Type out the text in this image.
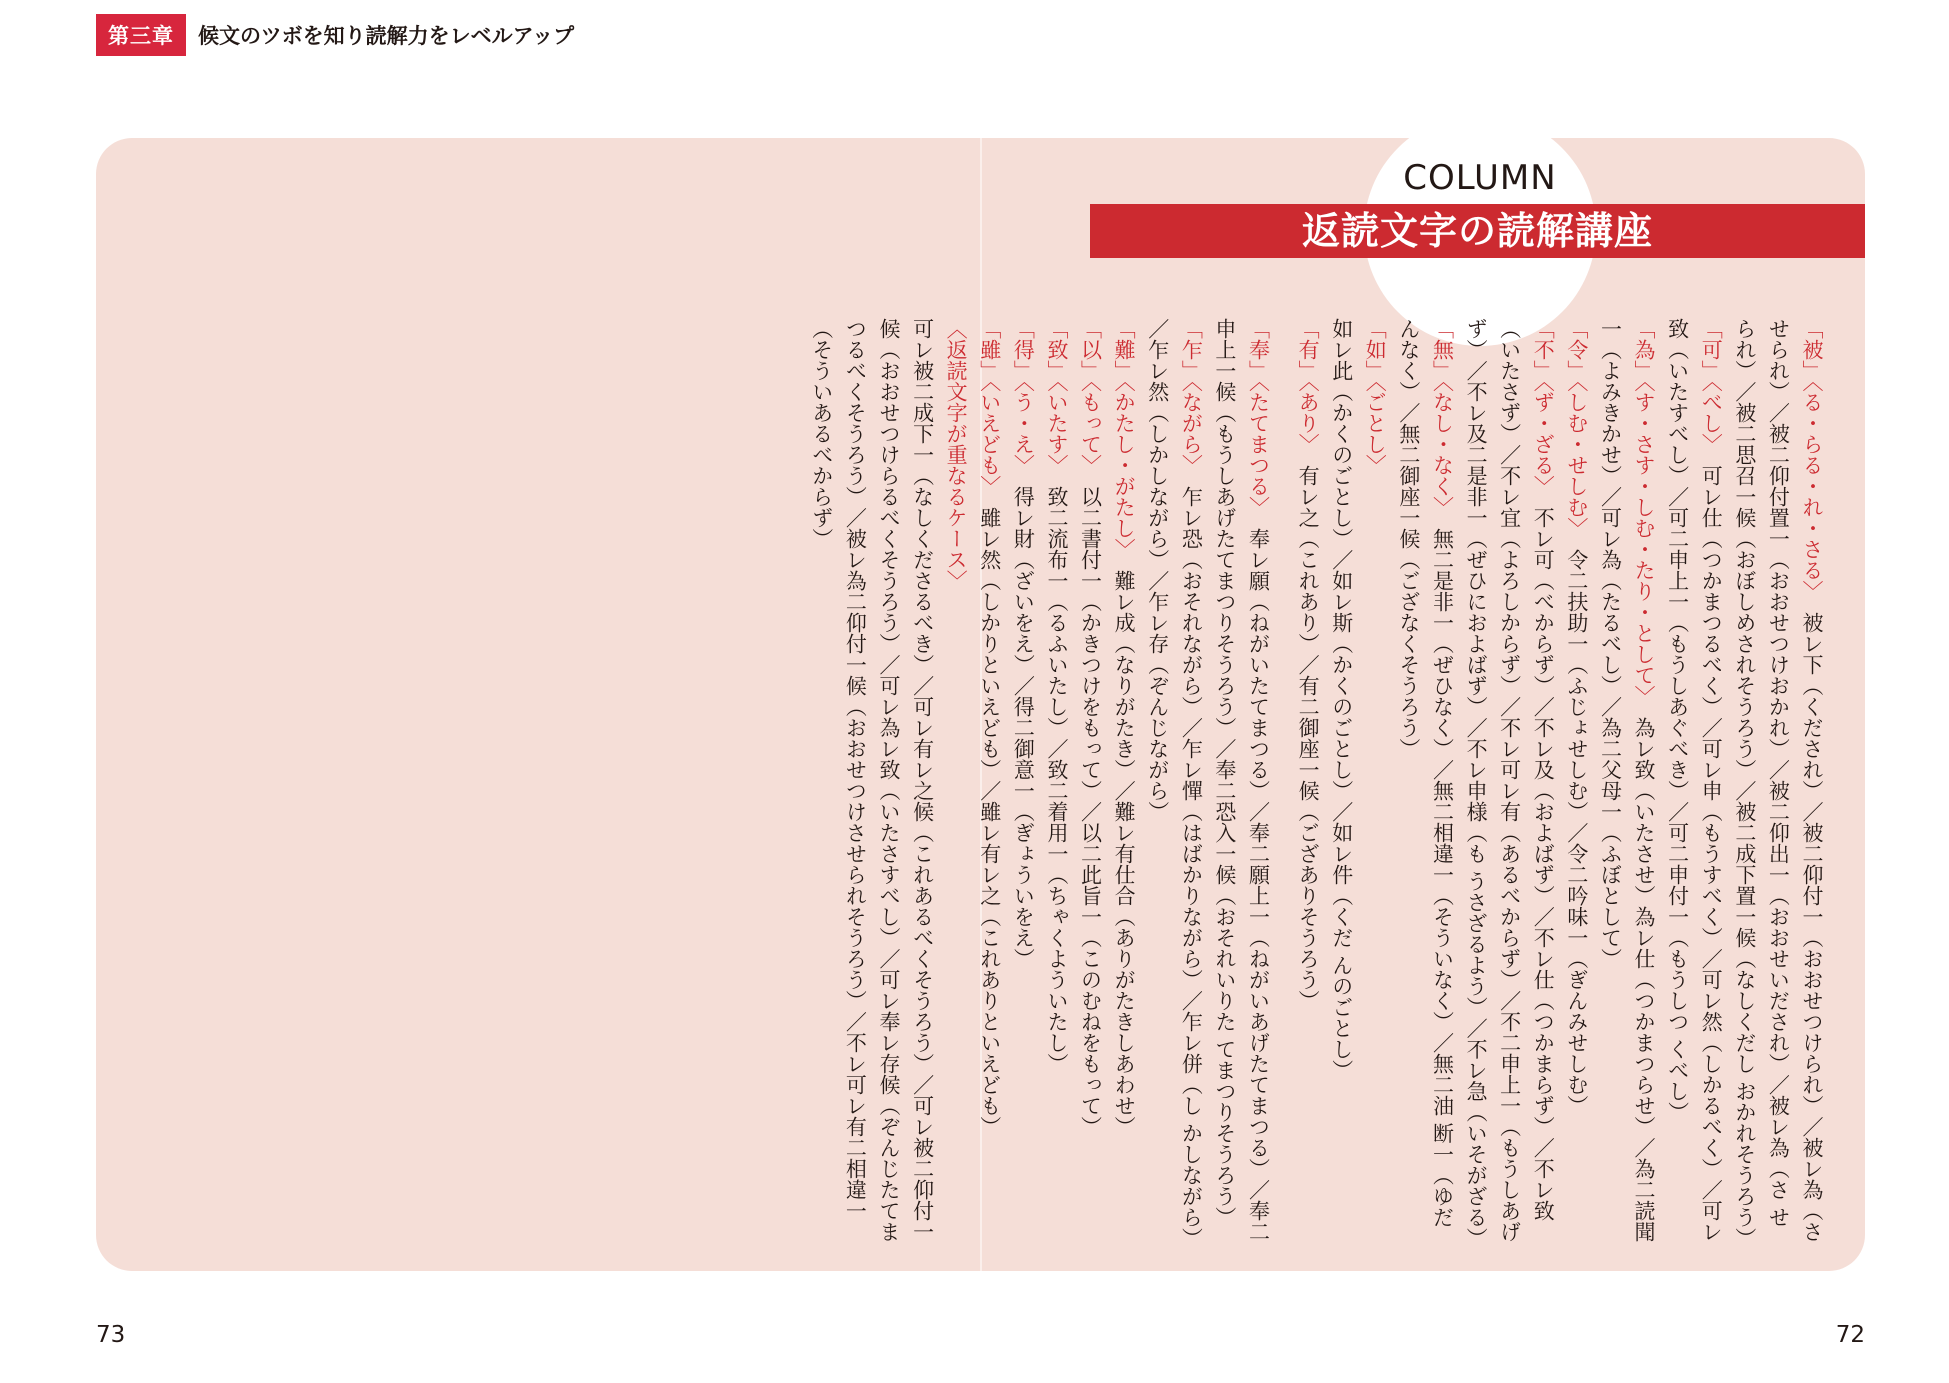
第三章	候文のツボを知り読解力をレベルアップ
COLUMN
返読文字の読解講座

「被」〈る・らる・れ・さる〉　被レ下（くだされ）／被二仰付一（おおせつけられ）／被レ為（させられ）／被二仰付置一（おおせつけおかれ）／被二仰出一（おおせいだされ）／被レ為（さ せられ）／被二思召一候（おぼしめされそうろう）／被二成下置一候（なしくだし おかれそうろう）

「可」〈べし〉　可レ仕（つかまつるべく）／可レ申（もうすべく）／可レ然（しかるべく）／可レ致（いたすべし）／可二申上一（もうしあぐべき）／可二申付一（もうしつ くべし）

「為」〈す・さす・しむ・たり・として〉　為レ致（いたさせ）為レ仕（つかまつらせ）／為二読聞一（よみきかせ）／可レ為（たるべし）／為二父母一（ふぼとして）

「令」〈しむ・せしむ〉　令二扶助一（ふじょせしむ）／令二吟味一（ぎんみせしむ）

「不」〈ず・ざる〉　不レ可（べからず）／不レ及（およばず）／不レ仕（つかまらず）／不レ致（いたさず）／不レ宜（よろしからず）／不レ可レ有（あるべからず）／不二申上一（もうしあげず）／不レ及二是非一（ぜひにおよばず）／不レ申様（も うさざるよう）／不レ急（いそがざる）

「無」〈なし・なく〉　無二是非一（ぜひなく）／無二相違一（そういなく）／無二油 断一（ゆだんなく）／無二御座一候（ござなくそうろう）

「如」〈ごとし〉　如レ此（かくのごとし）／如レ斯（かくのごとし）／如レ件（くだ んのごとし）

「有」〈あり〉　有レ之（これあり）／有二御座一候（ござありそうろう）

「奉」〈たてまつる〉　奉レ願（ねがいたてまつる）／奉二願上一（ねがいあげたてまつる）／奉二申上一候（もうしあげたてまつりそうろう）／奉二恐入一候（おそれいりた てまつりそうろう）

「乍」〈ながら〉　乍レ恐（おそれながら）／乍レ憚（はばかりながら）／乍レ併（し かしながら）／乍レ然（しかしながら）／乍レ存（ぞんじながら）

「難」〈かたし・がたし〉　難レ成（なりがたき）／難レ有仕合（ありがたきしあわせ）

「以」〈もって〉　以二書付一（かきつけをもって）／以二此旨一（このむねをもって）

「致」〈いたす〉　致二流布一（るふいたし）／致二着用一（ちゃくよういたし）

「得」〈う・え〉　得レ財（ざいをえ）／得二御意一（ぎょういをえ）

「雖」〈いえども〉　雖レ然（しかりといえども）／雖レ有レ之（これありといえども）

〈返読文字が重なるケース〉

可レ被二成下一（なしくださるべき）／可レ有レ之候（これあるべくそうろう）／可レ被二仰付一候（おおせつけらるべくそうろう）／可レ為レ致（いたさすべし）／可レ奉レ存候（ぞんじたてまつるべくそうろう）／被レ為二仰付一候（おおせつけさせられそうろう）／不レ可レ有二相違一（そういあるべからず）

73	72
